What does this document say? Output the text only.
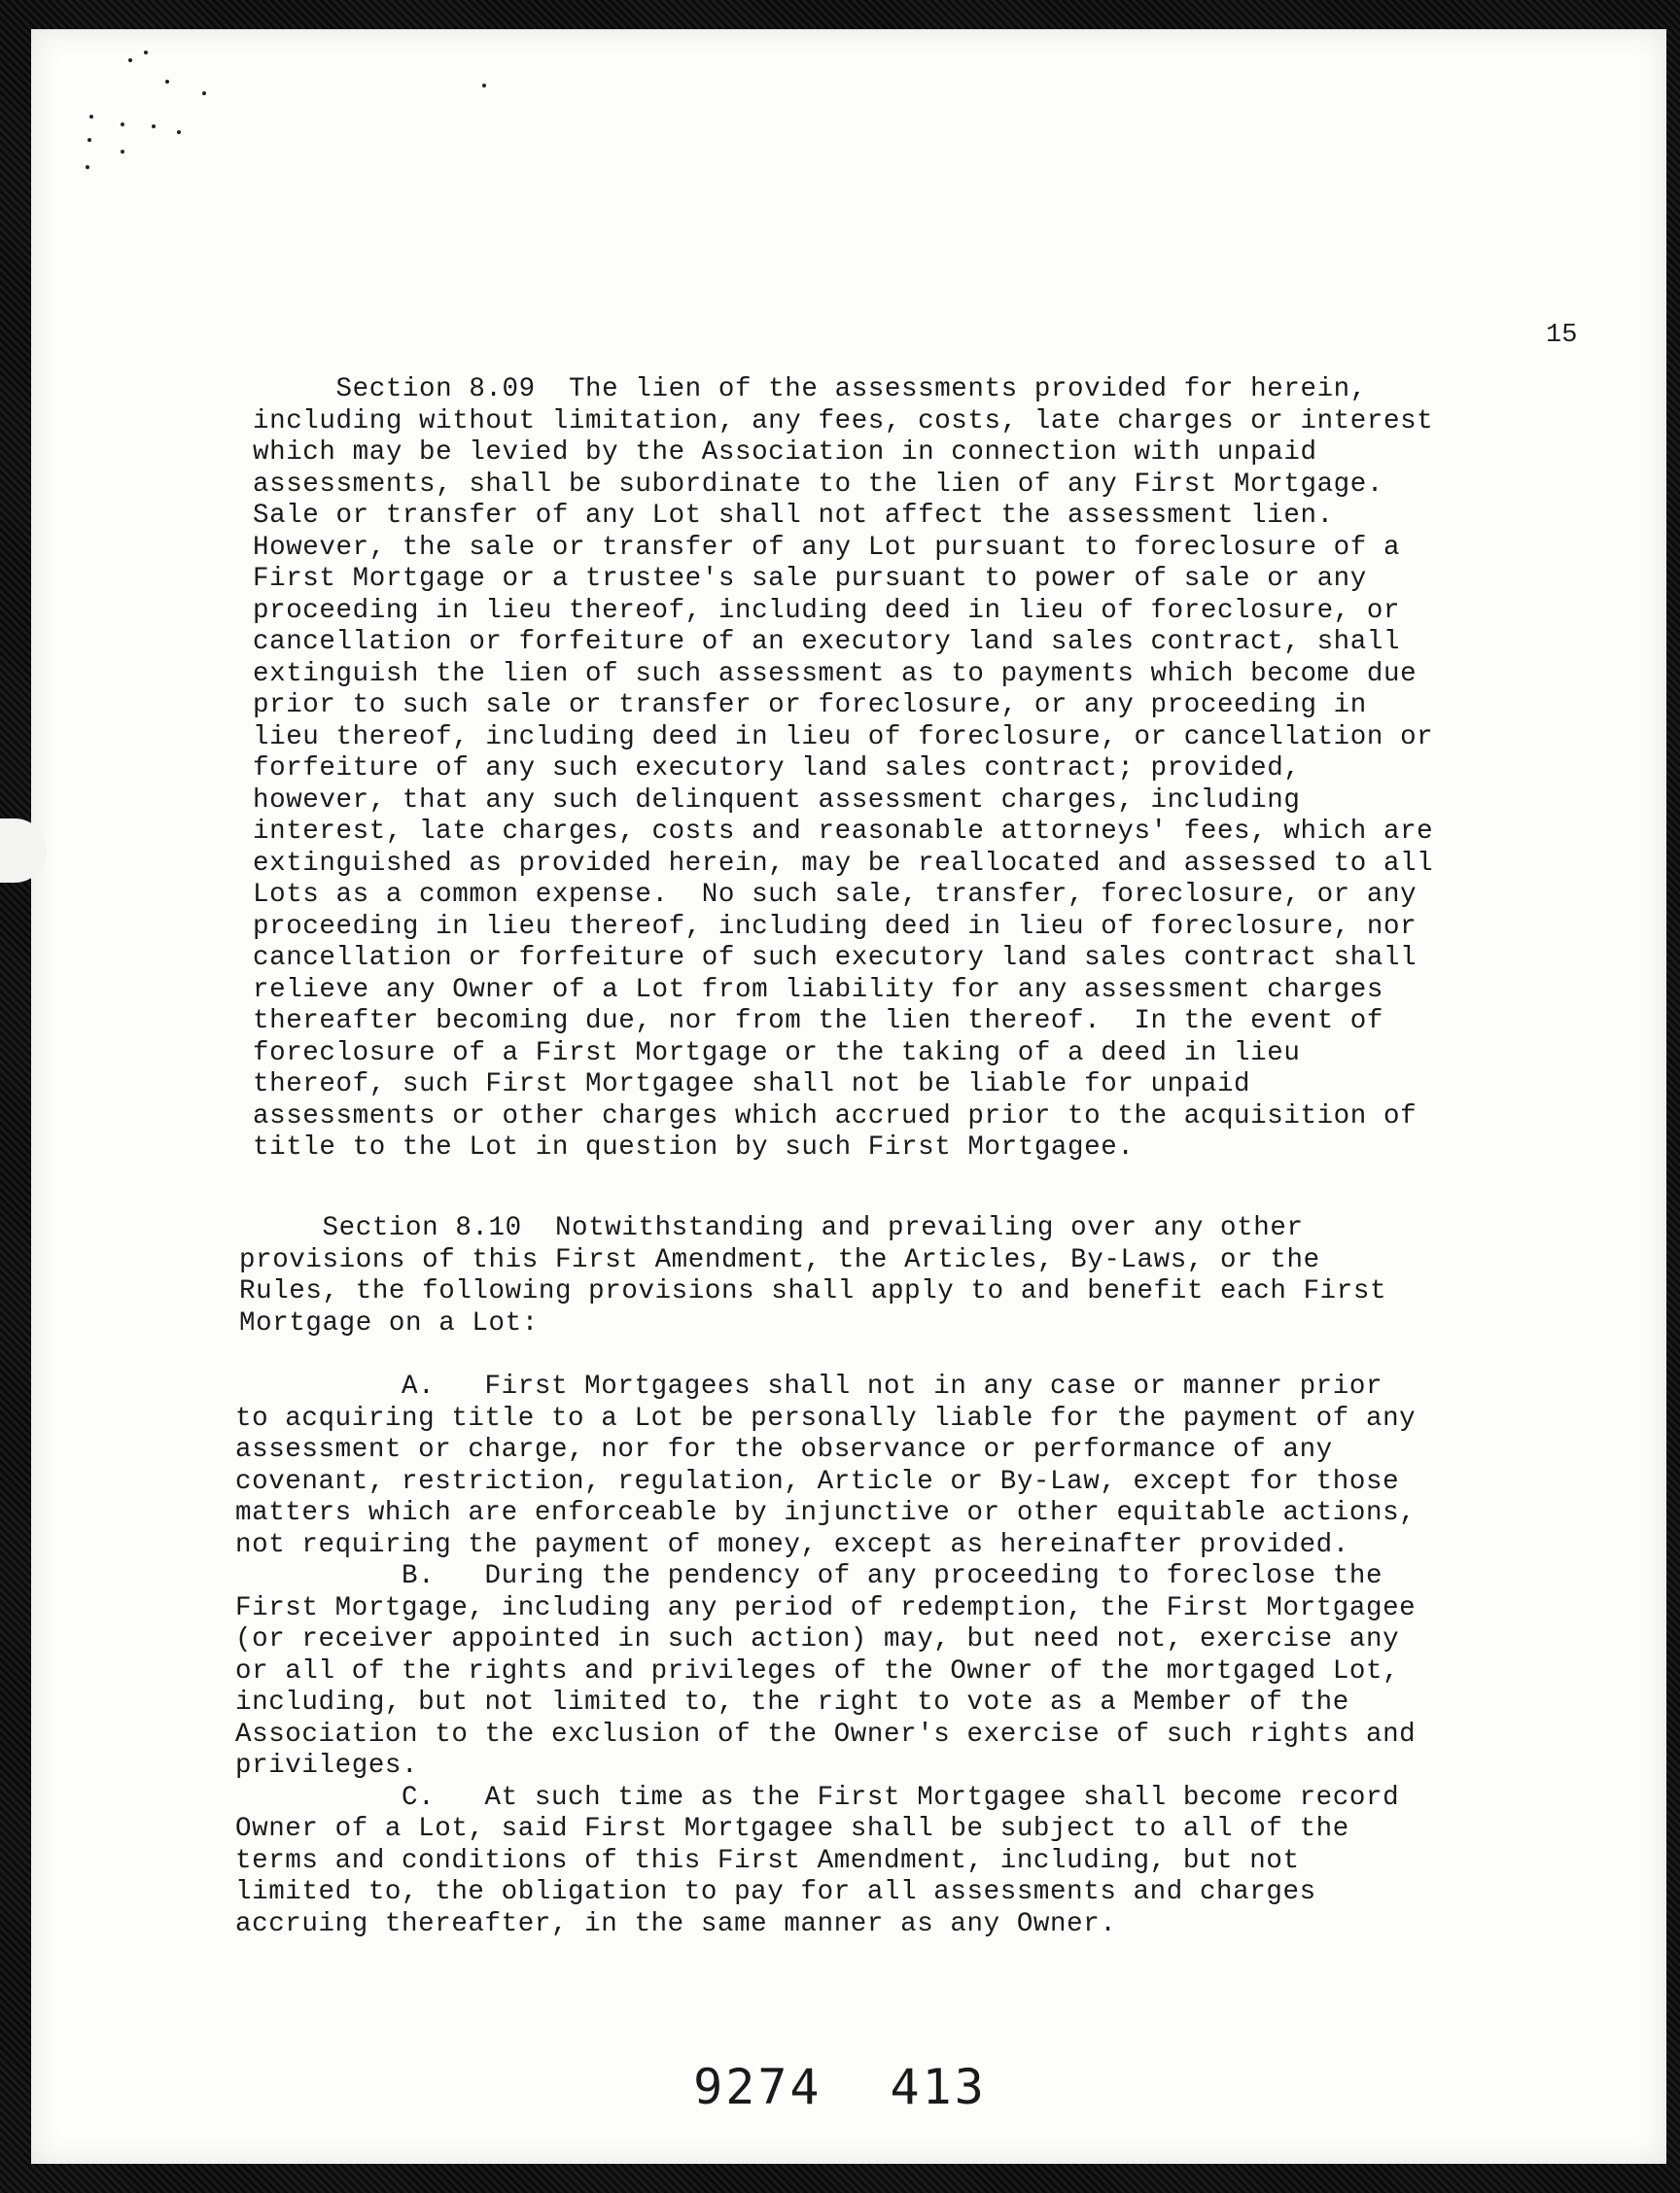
15
Section 8.09  The lien of the assessments provided for herein,
including without limitation, any fees, costs, late charges or interest
which may be levied by the Association in connection with unpaid
assessments, shall be subordinate to the lien of any First Mortgage.
Sale or transfer of any Lot shall not affect the assessment lien.
However, the sale or transfer of any Lot pursuant to foreclosure of a
First Mortgage or a trustee's sale pursuant to power of sale or any
proceeding in lieu thereof, including deed in lieu of foreclosure, or
cancellation or forfeiture of an executory land sales contract, shall
extinguish the lien of such assessment as to payments which become due
prior to such sale or transfer or foreclosure, or any proceeding in
lieu thereof, including deed in lieu of foreclosure, or cancellation or
forfeiture of any such executory land sales contract; provided,
however, that any such delinquent assessment charges, including
interest, late charges, costs and reasonable attorneys' fees, which are
extinguished as provided herein, may be reallocated and assessed to all
Lots as a common expense.  No such sale, transfer, foreclosure, or any
proceeding in lieu thereof, including deed in lieu of foreclosure, nor
cancellation or forfeiture of such executory land sales contract shall
relieve any Owner of a Lot from liability for any assessment charges
thereafter becoming due, nor from the lien thereof.  In the event of
foreclosure of a First Mortgage or the taking of a deed in lieu
thereof, such First Mortgagee shall not be liable for unpaid
assessments or other charges which accrued prior to the acquisition of
title to the Lot in question by such First Mortgagee.
Section 8.10  Notwithstanding and prevailing over any other
provisions of this First Amendment, the Articles, By-Laws, or the
Rules, the following provisions shall apply to and benefit each First
Mortgage on a Lot:
A.   First Mortgagees shall not in any case or manner prior
to acquiring title to a Lot be personally liable for the payment of any
assessment or charge, nor for the observance or performance of any
covenant, restriction, regulation, Article or By-Law, except for those
matters which are enforceable by injunctive or other equitable actions,
not requiring the payment of money, except as hereinafter provided.
B.   During the pendency of any proceeding to foreclose the
First Mortgage, including any period of redemption, the First Mortgagee
(or receiver appointed in such action) may, but need not, exercise any
or all of the rights and privileges of the Owner of the mortgaged Lot,
including, but not limited to, the right to vote as a Member of the
Association to the exclusion of the Owner's exercise of such rights and
privileges.
C.   At such time as the First Mortgagee shall become record
Owner of a Lot, said First Mortgagee shall be subject to all of the
terms and conditions of this First Amendment, including, but not
limited to, the obligation to pay for all assessments and charges
accruing thereafter, in the same manner as any Owner.
9274 413
